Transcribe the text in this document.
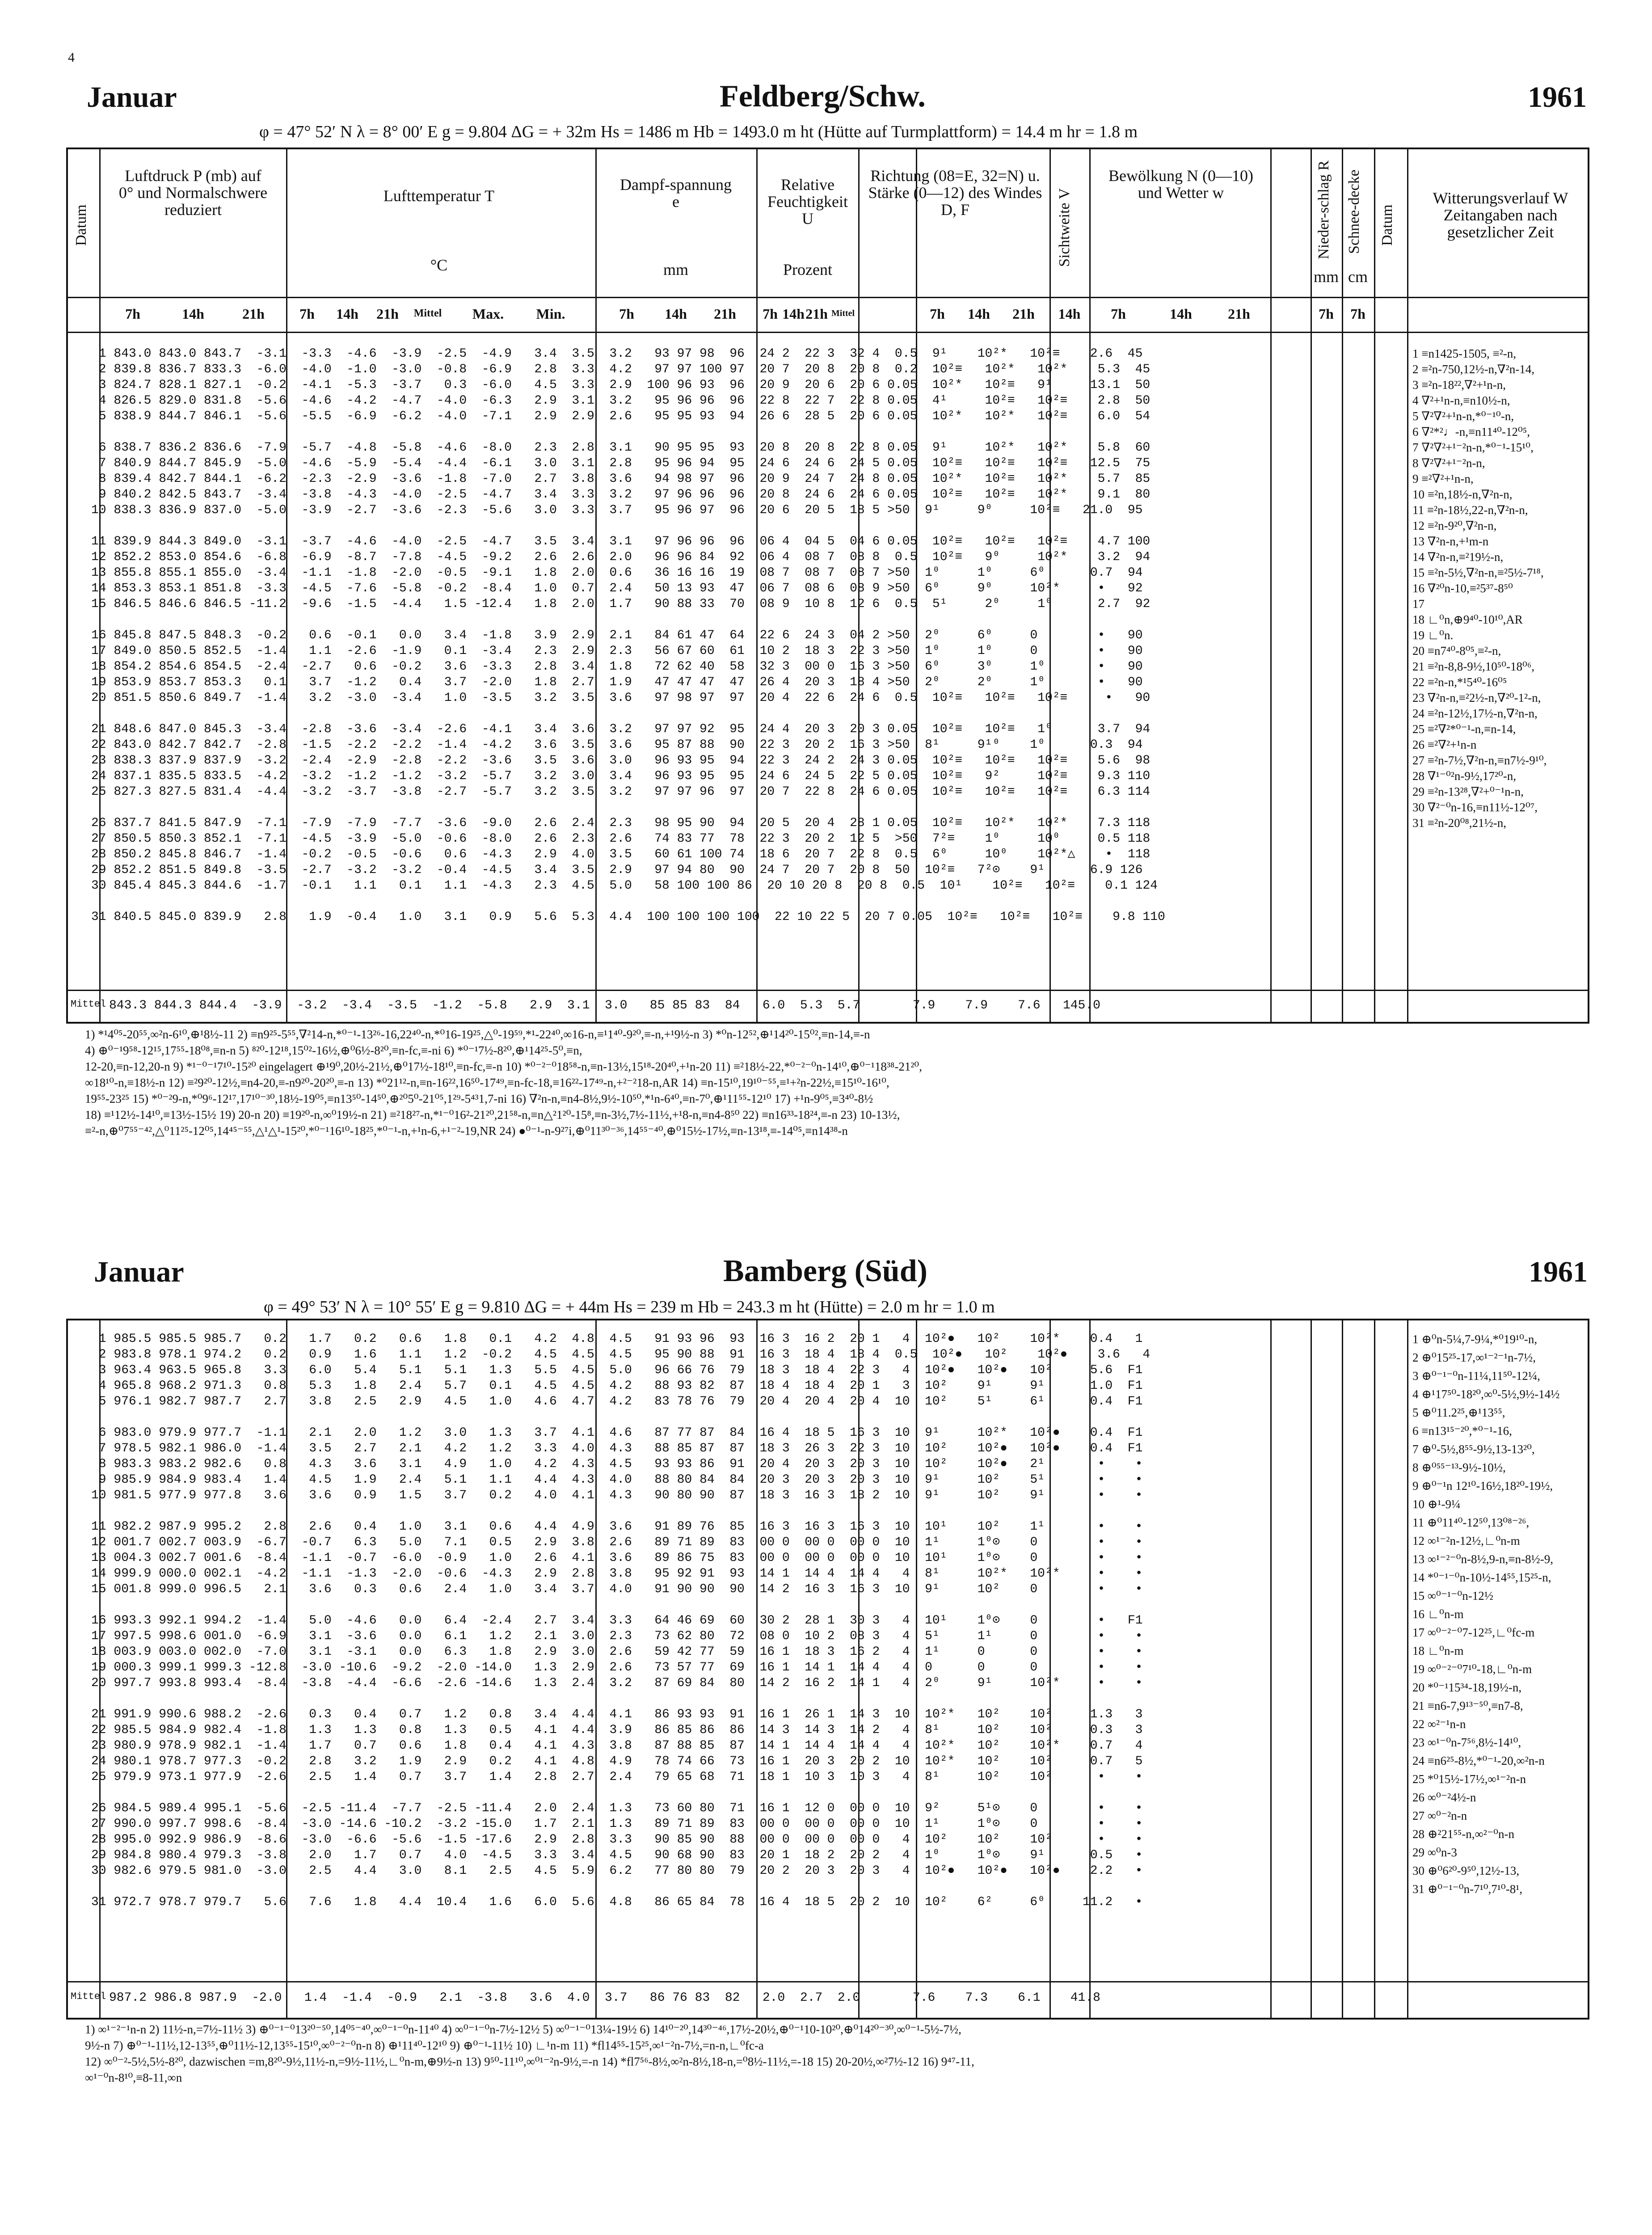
4
Januar	Feldberg/Schw.	1961
φ = 47° 52′ N λ = 8° 00′ E g = 9.804 ΔG = + 32m Hs = 1486 m Hb = 1493.0 m ht (Hütte auf Turmplattform) = 14.4 m hr = 1.8 m
Datum
Luftdruck P (mb) auf 0° und Normalschwere reduziert
Lufttemperatur T
°C
Dampf-spannung e
mm
Relative Feuchtigkeit U
Prozent
Richtung (08=E, 32=N) u. Stärke (0—12) des Windes D, F	Sichtweite V
Bewölkung N (0—10) und Wetter w	Nieder-schlag R
mm
Schnee-decke
cm
Datum
Witterungsverlauf W Zeitangaben nach gesetzlicher Zeit
7h	14h	21h	7h	14h	21h	Mittel	Max.	Min.	7h	14h	21h	7h 14h 21h Mittel	7h	14h	21h	14h	7h	14h	21h	7h	7h
1 843.0 843.0 843.7  -3.1  -3.3  -4.6  -3.9  -2.5  -4.9   3.4  3.5  3.2   93 97 98  96  24 2  22 3  32 4  0.5  9¹    10²*   10²≡    2.6  45
2 839.8 836.7 833.3  -6.0  -4.0  -1.0  -3.0  -0.8  -6.9   2.8  3.3  4.2   97 97 100 97  20 7  20 8  20 8  0.2  10²≡   10²*   10²*    5.3  45
3 824.7 828.1 827.1  -0.2  -4.1  -5.3  -3.7   0.3  -6.0   4.5  3.3  2.9  100 96 93  96  20 9  20 6  20 6 0.05  10²*   10²≡   9¹     13.1  50
4 826.5 829.0 831.8  -5.6  -4.6  -4.2  -4.7  -4.0  -6.3   2.9  3.1  3.2   95 96 96  96  22 8  22 7  22 8 0.05  4¹     10²≡   10²≡    2.8  50
5 838.9 844.7 846.1  -5.6  -5.5  -6.9  -6.2  -4.0  -7.1   2.9  2.9  2.6   95 95 93  94  26 6  28 5  20 6 0.05  10²*   10²*   10²≡    6.0  54
6 838.7 836.2 836.6  -7.9  -5.7  -4.8  -5.8  -4.6  -8.0   2.3  2.8  3.1   90 95 95  93  20 8  20 8  22 8 0.05  9¹     10²*   10²*    5.8  60
7 840.9 844.7 845.9  -5.0  -4.6  -5.9  -5.4  -4.4  -6.1   3.0  3.1  2.8   95 96 94  95  24 6  24 6  24 5 0.05  10²≡   10²≡   10²≡   12.5  75
8 839.4 842.7 844.1  -6.2  -2.3  -2.9  -3.6  -1.8  -7.0   2.7  3.8  3.6   94 98 97  96  20 9  24 7  24 8 0.05  10²*   10²≡   10²*    5.7  85
9 840.2 842.5 843.7  -3.4  -3.8  -4.3  -4.0  -2.5  -4.7   3.4  3.3  3.2   97 96 96  96  20 8  24 6  24 6 0.05  10²≡   10²≡   10²*    9.1  80
10 838.3 836.9 837.0  -5.0  -3.9  -2.7  -3.6  -2.3  -5.6   3.0  3.3  3.7   95 96 97  96  20 6  20 5  18 5 >50  9¹     9⁰     10²≡   21.0  95
11 839.9 844.3 849.0  -3.1  -3.7  -4.6  -4.0  -2.5  -4.7   3.5  3.4  3.1   97 96 96  96  06 4  04 5  04 6 0.05  10²≡   10²≡   10²≡    4.7 100
12 852.2 853.0 854.6  -6.8  -6.9  -8.7  -7.8  -4.5  -9.2   2.6  2.6  2.0   96 96 84  92  06 4  08 7  08 8  0.5  10²≡   9⁰     10²*    3.2  94
13 855.8 855.1 855.0  -3.4  -1.1  -1.8  -2.0  -0.5  -9.1   1.8  2.0  0.6   36 16 16  19  08 7  08 7  08 7 >50  1⁰     1⁰     6⁰      0.7  94
14 853.3 853.1 851.8  -3.3  -4.5  -7.6  -5.8  -0.2  -8.4   1.0  0.7  2.4   50 13 93  47  06 7  08 6  08 9 >50  6⁰     9⁰     10²*     •   92
15 846.5 846.6 846.5 -11.2  -9.6  -1.5  -4.4   1.5 -12.4   1.8  2.0  1.7   90 88 33  70  08 9  10 8  12 6  0.5  5¹     2⁰     1⁰      2.7  92
16 845.8 847.5 848.3  -0.2   0.6  -0.1   0.0   3.4  -1.8   3.9  2.9  2.1   84 61 47  64  22 6  24 3  04 2 >50  2⁰     6⁰     0        •   90
17 849.0 850.5 852.5  -1.4   1.1  -2.6  -1.9   0.1  -3.4   2.3  2.9  2.3   56 67 60  61  10 2  18 3  22 3 >50  1⁰     1⁰     0        •   90
18 854.2 854.6 854.5  -2.4  -2.7   0.6  -0.2   3.6  -3.3   2.8  3.4  1.8   72 62 40  58  32 3  00 0  16 3 >50  6⁰     3⁰     1⁰       •   90
19 853.9 853.7 853.3   0.1   3.7  -1.2   0.4   3.7  -2.0   1.8  2.7  1.9   47 47 47  47  26 4  20 3  18 4 >50  2⁰     2⁰     1⁰       •   90
20 851.5 850.6 849.7  -1.4   3.2  -3.0  -3.4   1.0  -3.5   3.2  3.5  3.6   97 98 97  97  20 4  22 6  24 6  0.5  10²≡   10²≡   10²≡     •   90
21 848.6 847.0 845.3  -3.4  -2.8  -3.6  -3.4  -2.6  -4.1   3.4  3.6  3.2   97 97 92  95  24 4  20 3  20 3 0.05  10²≡   10²≡   1⁰      3.7  94
22 843.0 842.7 842.7  -2.8  -1.5  -2.2  -2.2  -1.4  -4.2   3.6  3.5  3.6   95 87 88  90  22 3  20 2  16 3 >50  8¹     9¹⁰    1⁰      0.3  94
23 838.3 837.9 837.9  -3.2  -2.4  -2.9  -2.8  -2.2  -3.6   3.5  3.6  3.0   96 93 95  94  22 3  24 2  24 3 0.05  10²≡   10²≡   10²≡    5.6  98
24 837.1 835.5 833.5  -4.2  -3.2  -1.2  -1.2  -3.2  -5.7   3.2  3.0  3.4   96 93 95  95  24 6  24 5  22 5 0.05  10²≡   9²     10²≡    9.3 110
25 827.3 827.5 831.4  -4.4  -3.2  -3.7  -3.8  -2.7  -5.7   3.2  3.5  3.2   97 97 96  97  20 7  22 8  24 6 0.05  10²≡   10²≡   10²≡    6.3 114
26 837.7 841.5 847.9  -7.1  -7.9  -7.9  -7.7  -3.6  -9.0   2.6  2.4  2.3   98 95 90  94  20 5  20 4  28 1 0.05  10²≡   10²*   10²*    7.3 118
27 850.5 850.3 852.1  -7.1  -4.5  -3.9  -5.0  -0.6  -8.0   2.6  2.3  2.6   74 83 77  78  22 3  20 2  12 5  >50  7²≡    1⁰     10⁰     0.5 118
28 850.2 845.8 846.7  -1.4  -0.2  -0.5  -0.6   0.6  -4.3   2.9  4.0  3.5   60 61 100 74  18 6  20 7  22 8  0.5  6⁰     10⁰    10²*△    •  118
29 852.2 851.5 849.8  -3.5  -2.7  -3.2  -3.2  -0.4  -4.5   3.4  3.5  2.9   97 94 80  90  24 7  20 7  20 8  50  10²≡   7²⊙    9¹      6.9 126
30 845.4 845.3 844.6  -1.7  -0.1   1.1   0.1   1.1  -4.3   2.3  4.5  5.0   58 100 100 86  20 10 20 8  20 8  0.5  10¹    10²≡   10²≡    0.1 124
31 840.5 845.0 839.9   2.8   1.9  -0.4   1.0   3.1   0.9   5.6  5.3  4.4  100 100 100 100  22 10 22 5  20 7 0.05  10²≡   10²≡   10²≡    9.8 110
Mittel 843.3 844.3 844.4  -3.9  -3.2  -3.4  -3.5  -1.2  -5.8   2.9  3.1  3.0   85 85 83  84   6.0  5.3  5.7       7.9    7.9    7.6   145.0
1 ≡n1425-1505, ≡²-n,
2 ≡²n-750,12½-n,∇²n-14,
3 ≡²n-18²²,∇²+¹n-n,
4 ∇²+¹n-n,≡n10½-n,
5 ∇²∇²+¹n-n,*⁰⁻¹⁰-n,
6 ∇²*²♩-n,≡n11⁴⁰-12⁰⁵,
7 ∇²∇²+¹⁻²n-n,*⁰⁻¹-15¹⁰,
8 ∇²∇²+¹⁻²n-n,
9 ≡²∇²+¹n-n,
10 ≡²n,18½-n,∇²n-n,
11 ≡²n-18½,22-n,∇²n-n,
12 ≡²n-9²⁰,∇²n-n,
13 ∇²n-n,+¹m-n
14 ∇²n-n,≡²19½-n,
15 ≡²n-5½,∇²n-n,≡²5½-7¹⁸,
16 ∇²⁰n-10,≡²5³⁷-8⁵⁰
17
18 ∟⁰n,⊕9⁴⁰-10¹⁰,AR
19 ∟⁰n.
20 ≡n7⁴⁰-8⁰⁵,≡²-n,
21 ≡²n-8,8-9½,10⁵⁰-18⁰⁶,
22 ≡²n-n,*¹5⁴⁰-16⁰⁵
23 ∇²n-n,≡²2½-n,∇²⁰-1²-n,
24 ≡²n-12½,17½-n,∇²n-n,
25 ≡²∇²*⁰⁻¹-n,≡n-14,
26 ≡²∇²+¹n-n
27 ≡²n-7½,∇²n-n,≡n7½-9¹⁰,
28 ∇¹⁻⁰²n-9½,17²⁰-n,
29 ≡²n-13²⁸,∇²+⁰⁻¹n-n,
30 ∇²⁻⁰n-16,≡n11½-12⁰⁷,
31 ≡²n-20⁰⁸,21½-n,
1) *¹4⁰⁵-20⁵⁵,∞²n-6¹⁰,⊕¹8½-11 2) ≡n9²⁵-5⁵⁵,∇²14-n,*⁰⁻¹-13²⁶-16,22⁴⁰-n,*⁰16-19²⁵,△⁰-19⁵⁹,*¹-22⁴⁰,∞16-n,≡¹1⁴⁰-9²⁰,≡-n,+¹9½-n 3) *⁰n-12⁵²,⊕¹14²⁰-15⁰²,≡n-14,≡-n
4) ⊕⁰⁻¹9⁵⁸-12¹⁵,17⁵⁵-18⁰⁸,≡n-n 5) ⁸²⁰-12¹⁸,15⁰²-16½,⊕⁰6½-8²⁰,≡n-fc,≡-ni 6) *⁰⁻¹7½-8²⁰,⊕¹14²⁵-5⁰,≡n,
12-20,≡n-12,20-n 9) *¹⁻⁰⁻¹7¹⁰-15²⁰ eingelagert ⊕¹9⁰,20½-21½,⊕⁰17½-18¹⁰,≡n-fc,≡-n 10) *⁰⁻²⁻⁰18⁵⁸-n,≡n-13½,15¹⁸-20⁴⁰,+¹n-20 11) ≡²18½-22,*⁰⁻²⁻⁰n-14¹⁰,⊕⁰⁻¹18³⁸-21²⁰,
∞18¹⁰-n,≡18½-n 12) ≡²9²⁰-12½,≡n4-20,≡-n9²⁰-20²⁰,≡-n 13) *⁰21¹²-n,≡n-16²²,16⁵⁰-17⁴⁹,≡n-fc-18,≡16²²-17⁴⁹-n,+²⁻²18-n,AR 14) ≡n-15¹⁰,19¹⁰⁻⁵⁵,≡¹+²n-22½,≡15¹⁰-16¹⁰,
19⁵⁵-23²⁵ 15) *⁰⁻²9-n,*⁰9⁶-12¹⁷,17¹⁰⁻³⁰,18½-19⁰⁵,≡n13⁵⁰-14⁵⁰,⊕²⁰5⁰-21⁰⁵,1²⁹-5⁴³1,7-ni 16) ∇²n-n,≡n4-8½,9½-10⁵⁰,*¹n-6⁴⁰,≡n-7⁰,⊕¹11⁵⁵-12¹⁰ 17) +¹n-9⁰⁵,≡3⁴⁰-8½
18) ≡¹12½-14¹⁰,≡13½-15½ 19) 20-n 20) ≡19²⁰-n,∞⁰19½-n 21) ≡²18²⁷-n,*¹⁻⁰16²-21²⁰,21⁵⁸-n,≡n△²1²⁰-15⁸,≡n-3½,7½-11½,+¹8-n,≡n4-8⁵⁰ 22) ≡n16³³-18²⁴,≡-n 23) 10-13½,
≡²-n,⊕⁰7⁵⁵⁻⁴²,△⁰11²⁵-12⁰⁵,14⁴⁵⁻⁵⁵,△¹△¹-15²⁰,*⁰⁻¹16¹⁰-18²⁵,*⁰⁻¹-n,+¹n-6,+¹⁻²-19,NR 24) ●⁰⁻¹-n-9²⁷i,⊕⁰11³⁰⁻³⁶,14⁵⁵⁻⁴⁰,⊕⁰15½-17½,≡n-13¹⁸,≡-14⁰⁵,≡n14³⁸-n
Januar	Bamberg (Süd)	1961
φ = 49° 53′ N λ = 10° 55′ E g = 9.810 ΔG = + 44m Hs = 239 m Hb = 243.3 m ht (Hütte) = 2.0 m hr = 1.0 m
1 985.5 985.5 985.7   0.2   1.7   0.2   0.6   1.8   0.1   4.2  4.8  4.5   91 93 96  93  16 3  16 2  20 1   4  10²●   10²    10²*    0.4   1
2 983.8 978.1 974.2   0.2   0.9   1.6   1.1   1.2  -0.2   4.5  4.5  4.5   95 90 88  91  16 3  18 4  18 4  0.5  10²●   10²    10²●    3.6   4
3 963.4 963.5 965.8   3.3   6.0   5.4   5.1   5.1   1.3   5.5  4.5  5.0   96 66 76  79  18 3  18 4  22 3   4  10²●   10²●   10²     5.6  F1
4 965.8 968.2 971.3   0.8   5.3   1.8   2.4   5.7   0.1   4.5  4.5  4.2   88 93 82  87  18 4  18 4  20 1   3  10²    9¹     9¹      1.0  F1
5 976.1 982.7 987.7   2.7   3.8   2.5   2.9   4.5   1.0   4.6  4.7  4.2   83 78 76  79  20 4  20 4  20 4  10  10²    5¹     6¹      0.4  F1
6 983.0 979.9 977.7  -1.1   2.1   2.0   1.2   3.0   1.3   3.7  4.1  4.6   87 77 87  84  16 4  18 5  16 3  10  9¹     10²*   10²●    0.4  F1
7 978.5 982.1 986.0  -1.4   3.5   2.7   2.1   4.2   1.2   3.3  4.0  4.3   88 85 87  87  18 3  26 3  22 3  10  10²    10²●   10²●    0.4  F1
8 983.3 983.2 982.6   0.8   4.3   3.6   3.1   4.9   1.0   4.2  4.3  4.5   93 93 86  91  20 4  20 3  20 3  10  10²    10²●   2¹       •    •
9 985.9 984.9 983.4   1.4   4.5   1.9   2.4   5.1   1.1   4.4  4.3  4.0   88 80 84  84  20 3  20 3  20 3  10  9¹     10²    5¹       •    •
10 981.5 977.9 977.8   3.6   3.6   0.9   1.5   3.7   0.2   4.0  4.1  4.3   90 80 90  87  18 3  16 3  18 2  10  9¹     10²    9¹       •    •
11 982.2 987.9 995.2   2.8   2.6   0.4   1.0   3.1   0.6   4.4  4.9  3.6   91 89 76  85  16 3  16 3  16 3  10  10¹    10²    1¹       •    •
12 001.7 002.7 003.9  -6.7  -0.7   6.3   5.0   7.1   0.5   2.9  3.8  2.6   89 71 89  83  00 0  00 0  00 0  10  1¹     1⁰⊙    0        •    •
13 004.3 002.7 001.6  -8.4  -1.1  -0.7  -6.0  -0.9   1.0   2.6  4.1  3.6   89 86 75  83  00 0  00 0  00 0  10  10¹    1⁰⊙    0        •    •
14 999.9 000.0 002.1  -4.2  -1.1  -1.3  -2.0  -0.6  -4.3   2.9  2.8  3.8   95 92 91  93  14 1  14 4  14 4   4  8¹     10²*   10²*     •    •
15 001.8 999.0 996.5   2.1   3.6   0.3   0.6   2.4   1.0   3.4  3.7  4.0   91 90 90  90  14 2  16 3  16 3  10  9¹     10²    0        •    •
16 993.3 992.1 994.2  -1.4   5.0  -4.6   0.0   6.4  -2.4   2.7  3.4  3.3   64 46 69  60  30 2  28 1  30 3   4  10¹    1⁰⊙    0        •   F1
17 997.5 998.6 001.0  -6.9   3.1  -3.6   0.0   6.1   1.2   2.1  3.0  2.3   73 62 80  72  08 0  10 2  08 3   4  5¹     1¹     0        •    •
18 003.9 003.0 002.0  -7.0   3.1  -3.1   0.0   6.3   1.8   2.9  3.0  2.6   59 42 77  59  16 1  18 3  16 2   4  1¹     0      0        •    •
19 000.3 999.1 999.3 -12.8  -3.0 -10.6  -9.2  -2.0 -14.0   1.3  2.9  2.6   73 57 77  69  16 1  14 1  14 4   4  0      0      0        •    •
20 997.7 993.8 993.4  -8.4  -3.8  -4.4  -6.6  -2.6 -14.6   1.3  2.4  3.2   87 69 84  80  14 2  16 2  14 1   4  2⁰     9¹     10²*     •    •
21 991.9 990.6 988.2  -2.6   0.3   0.4   0.7   1.2   0.8   3.4  4.4  4.1   86 93 93  91  16 1  26 1  14 3  10  10²*   10²    10²     1.3   3
22 985.5 984.9 982.4  -1.8   1.3   1.3   0.8   1.3   0.5   4.1  4.4  3.9   86 85 86  86  14 3  14 3  14 2   4  8¹     10²    10²     0.3   3
23 980.9 978.9 982.1  -1.4   1.7   0.7   0.6   1.8   0.4   4.1  4.3  3.8   87 88 85  87  14 1  14 4  14 4   4  10²*   10²    10²*    0.7   4
24 980.1 978.7 977.3  -0.2   2.8   3.2   1.9   2.9   0.2   4.1  4.8  4.9   78 74 66  73  16 1  20 3  20 2  10  10²*   10²    10²     0.7   5
25 979.9 973.1 977.9  -2.6   2.5   1.4   0.7   3.7   1.4   2.8  2.7  2.4   79 65 68  71  18 1  10 3  10 3   4  8¹     10²    10²      •    •
26 984.5 989.4 995.1  -5.6  -2.5 -11.4  -7.7  -2.5 -11.4   2.0  2.4  1.3   73 60 80  71  16 1  12 0  00 0  10  9²     5¹⊙    0        •    •
27 990.0 997.7 998.6  -8.4  -3.0 -14.6 -10.2  -3.2 -15.0   1.7  2.1  1.3   89 71 89  83  00 0  00 0  00 0  10  1¹     1⁰⊙    0        •    •
28 995.0 992.9 986.9  -8.6  -3.0  -6.6  -5.6  -1.5 -17.6   2.9  2.8  3.3   90 85 90  88  00 0  00 0  00 0   4  10²    10²    10²      •    •
29 984.8 980.4 979.3  -3.8   2.0   1.7   0.7   4.0  -4.5   3.3  3.4  4.5   90 68 90  83  20 1  18 2  20 2   4  1⁰     1⁰⊙    9¹      0.5   •
30 982.6 979.5 981.0  -3.0   2.5   4.4   3.0   8.1   2.5   4.5  5.9  6.2   77 80 80  79  20 2  20 3  20 3   4  10²●   10²●   10²●    2.2   •
31 972.7 978.7 979.7   5.6   7.6   1.8   4.4  10.4   1.6   6.0  5.6  4.8   86 65 84  78  16 4  18 5  20 2  10  10²    6²     6⁰     11.2   •
Mittel 987.2 986.8 987.9  -2.0   1.4  -1.4  -0.9   2.1  -3.8   3.6  4.0  3.7   86 76 83  82   2.0  2.7  2.0       7.6    7.3    6.1    41.8
1 ⊕⁰n-5¼,7-9¼,*⁰19¹⁰-n,
2 ⊕⁰15²⁵-17,∞¹⁻²⁻¹n-7½,
3 ⊕⁰⁻¹⁻⁰n-11¼,11⁵⁰-12¼,
4 ⊕¹17⁵⁰-18²⁰,∞⁰-5½,9½-14½
5 ⊕⁰11.2²⁵,⊕¹13⁵⁵,
6 ≡n13¹⁵⁻²⁰,*⁰⁻¹-16,
7 ⊕⁰-5½,8⁵⁵-9½,13-13²⁰,
8 ⊕⁰⁵⁵⁻¹³-9½-10½,
9 ⊕⁰⁻¹n 12¹⁰-16½,18²⁰-19½,
10 ⊕¹-9¼
11 ⊕⁰11⁴⁰-12⁵⁰,13⁰⁸⁻²⁶,
12 ∞¹⁻²n-12½,∟⁰n-m
13 ∞¹⁻²⁻⁰n-8½,9-n,≡n-8½-9,
14 *⁰⁻¹⁻⁰n-10½-14⁵⁵,15²⁵-n,
15 ∞⁰⁻¹⁻⁰n-12½
16 ∟⁰n-m
17 ∞⁰⁻²⁻⁰7-12²⁵,∟⁰fc-m
18 ∟⁰n-m
19 ∞⁰⁻²⁻⁰7¹⁰-18,∟⁰n-m
20 *⁰⁻¹15³⁴-18,19½-n,
21 ≡n6-7,9¹³⁻⁵⁰,≡n7-8,
22 ∞²⁻¹n-n
23 ∞¹⁻⁰n-7⁵⁶,8½-14¹⁰,
24 ≡n6²⁵-8½,*⁰⁻¹-20,∞²n-n
25 *⁰15½-17½,∞¹⁻²n-n
26 ∞⁰⁻²4½-n
27 ∞⁰⁻²n-n
28 ⊕²21⁵⁵-n,∞²⁻⁰n-n
29 ∞⁰n-3
30 ⊕⁰6²⁰-9⁵⁰,12½-13,
31 ⊕⁰⁻¹⁻⁰n-7¹⁰,7¹⁰-8¹,
1) ∞¹⁻²⁻¹n-n 2) 11½-n,=7½-11½ 3) ⊕⁰⁻¹⁻⁰13²⁰⁻⁵⁰,14⁰⁵⁻⁴⁰,∞⁰⁻¹⁻⁰n-11⁴⁰ 4) ∞⁰⁻¹⁻⁰n-7½-12½ 5) ∞⁰⁻¹⁻⁰13¼-19½ 6) 14¹⁰⁻²⁰,14³⁰⁻⁴⁶,17½-20½,⊕⁰⁻¹10-10²⁰,⊕⁰14²⁰⁻³⁰,∞⁰⁻¹-5½-7½,
9½-n 7) ⊕⁰⁻¹-11½,12-13⁵⁵,⊕⁰11½-12,13⁵⁵-15¹⁰,∞⁰⁻²⁻⁰n-n 8) ⊕¹11⁴⁰-12¹⁰ 9) ⊕⁰⁻¹-11½ 10) ∟¹n-m 11) *fl14⁵⁵-15²⁵,∞¹⁻²n-7½,=n-n,∟⁰fc-a
12) ∞⁰⁻²-5½,5½-8²⁰, dazwischen =m,8²⁰-9½,11½-n,=9½-11½,∟⁰n-m,⊕9½-n 13) 9⁵⁰-11¹⁰,∞⁰¹⁻²n-9½,=-n 14) *fl7⁵⁶-8½,∞²n-8½,18-n,=⁰8½-11½,=-18 15) 20-20½,∞²7½-12 16) 9⁴⁷-11,
∞¹⁻⁰n-8¹⁰,≡8-11,∞n
